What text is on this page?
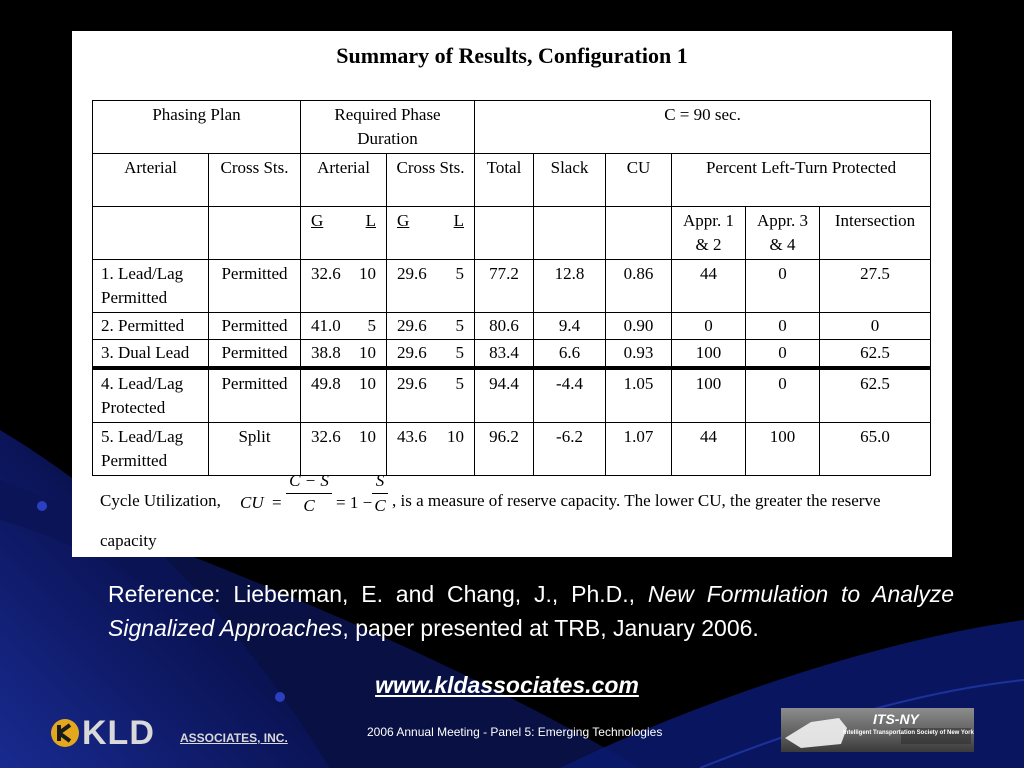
Summary of Results, Configuration 1
Phasing Plan		Required Phase Duration		C = 90 sec.					
Arterial	Cross Sts.	Arterial	Cross Sts.	Total	Slack	CU	Percent Left-Turn Protected		

		G L	G L				Appr. 1 & 2	Appr. 3 & 4	Intersection
1. Lead/Lag Permitted	Permitted	32.6 10	29.6 5	77.2	12.8	0.86	44	0	27.5
2. Permitted	Permitted	41.0 5	29.6 5	80.6	9.4	0.90	0	0	0
3. Dual Lead	Permitted	38.8 10	29.6 5	83.4	6.6	0.93	100	0	62.5
4. Lead/Lag Protected	Permitted	49.8 10	29.6 5	94.4	-4.4	1.05	100	0	62.5
5. Lead/Lag Permitted	Split	32.6 10	43.6 10	96.2	-6.2	1.07	44	100	65.0
Cycle Utilization, CU =
C − S
C	= 1 −
S
C , is a measure of reserve capacity. The lower CU, the greater the reserve
capacity
Reference: Lieberman, E. and Chang, J., Ph.D., New Formulation to Analyze Signalized Approaches, paper presented at TRB, January 2006.
www.kldassociates.com
KLD ASSOCIATES, INC.	2006 Annual Meeting - Panel 5: Emerging Technologies
ITS-NY
Intelligent Transportation Society of New York
